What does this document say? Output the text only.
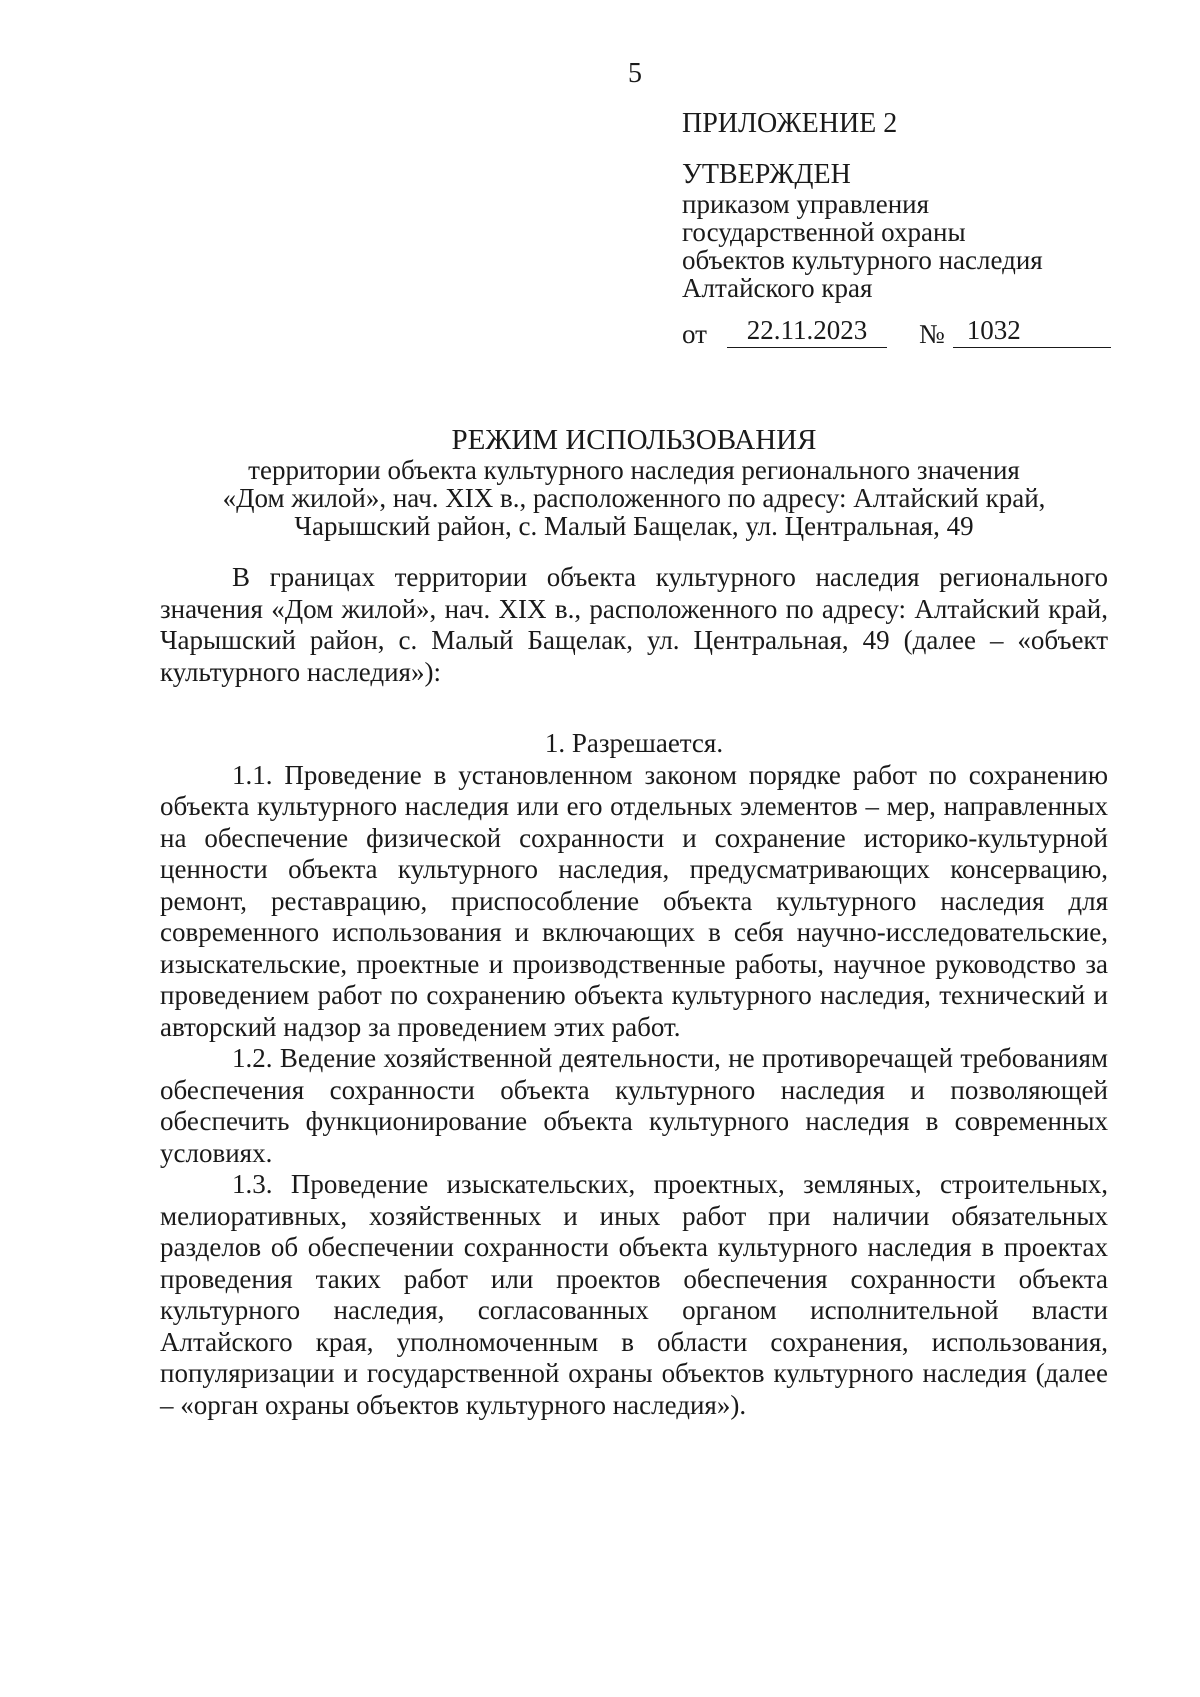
5
ПРИЛОЖЕНИЕ 2
УТВЕРЖДЕН
приказом управления
государственной охраны
объектов культурного наследия
Алтайского края
от	22.11.2023	№ 1032
РЕЖИМ ИСПОЛЬЗОВАНИЯ
территории объекта культурного наследия регионального значения
«Дом жилой», нач. XIX в., расположенного по адресу: Алтайский край,
Чарышский район, с. Малый Бащелак, ул. Центральная, 49

В границах территории объекта культурного наследия регионального значения «Дом жилой», нач. XIX в., расположенного по адресу: Алтайский край, Чарышский район, с. Малый Бащелак, ул. Центральная, 49 (далее – «объект культурного наследия»):

1. Разрешается.

1.1. Проведение в установленном законом порядке работ по сохранению объекта культурного наследия или его отдельных элементов – мер, направленных на обеспечение физической сохранности и сохранение историко-культурной ценности объекта культурного наследия, предусматривающих консервацию, ремонт, реставрацию, приспособление объекта культурного наследия для современного использования и включающих в себя научно-исследовательские, изыскательские, проектные и производственные работы, научное руководство за проведением работ по сохранению объекта культурного наследия, технический и авторский надзор за проведением этих работ.

1.2. Ведение хозяйственной деятельности, не противоречащей требованиям обеспечения сохранности объекта культурного наследия и позволяющей обеспечить функционирование объекта культурного наследия в современных условиях.

1.3. Проведение изыскательских, проектных, земляных, строительных, мелиоративных, хозяйственных и иных работ при наличии обязательных разделов об обеспечении сохранности объекта культурного наследия в проектах проведения таких работ или проектов обеспечения сохранности объекта культурного наследия, согласованных органом исполнительной власти Алтайского края, уполномоченным в области сохранения, использования, популяризации и государственной охраны объектов культурного наследия (далее – «орган охраны объектов культурного наследия»).
